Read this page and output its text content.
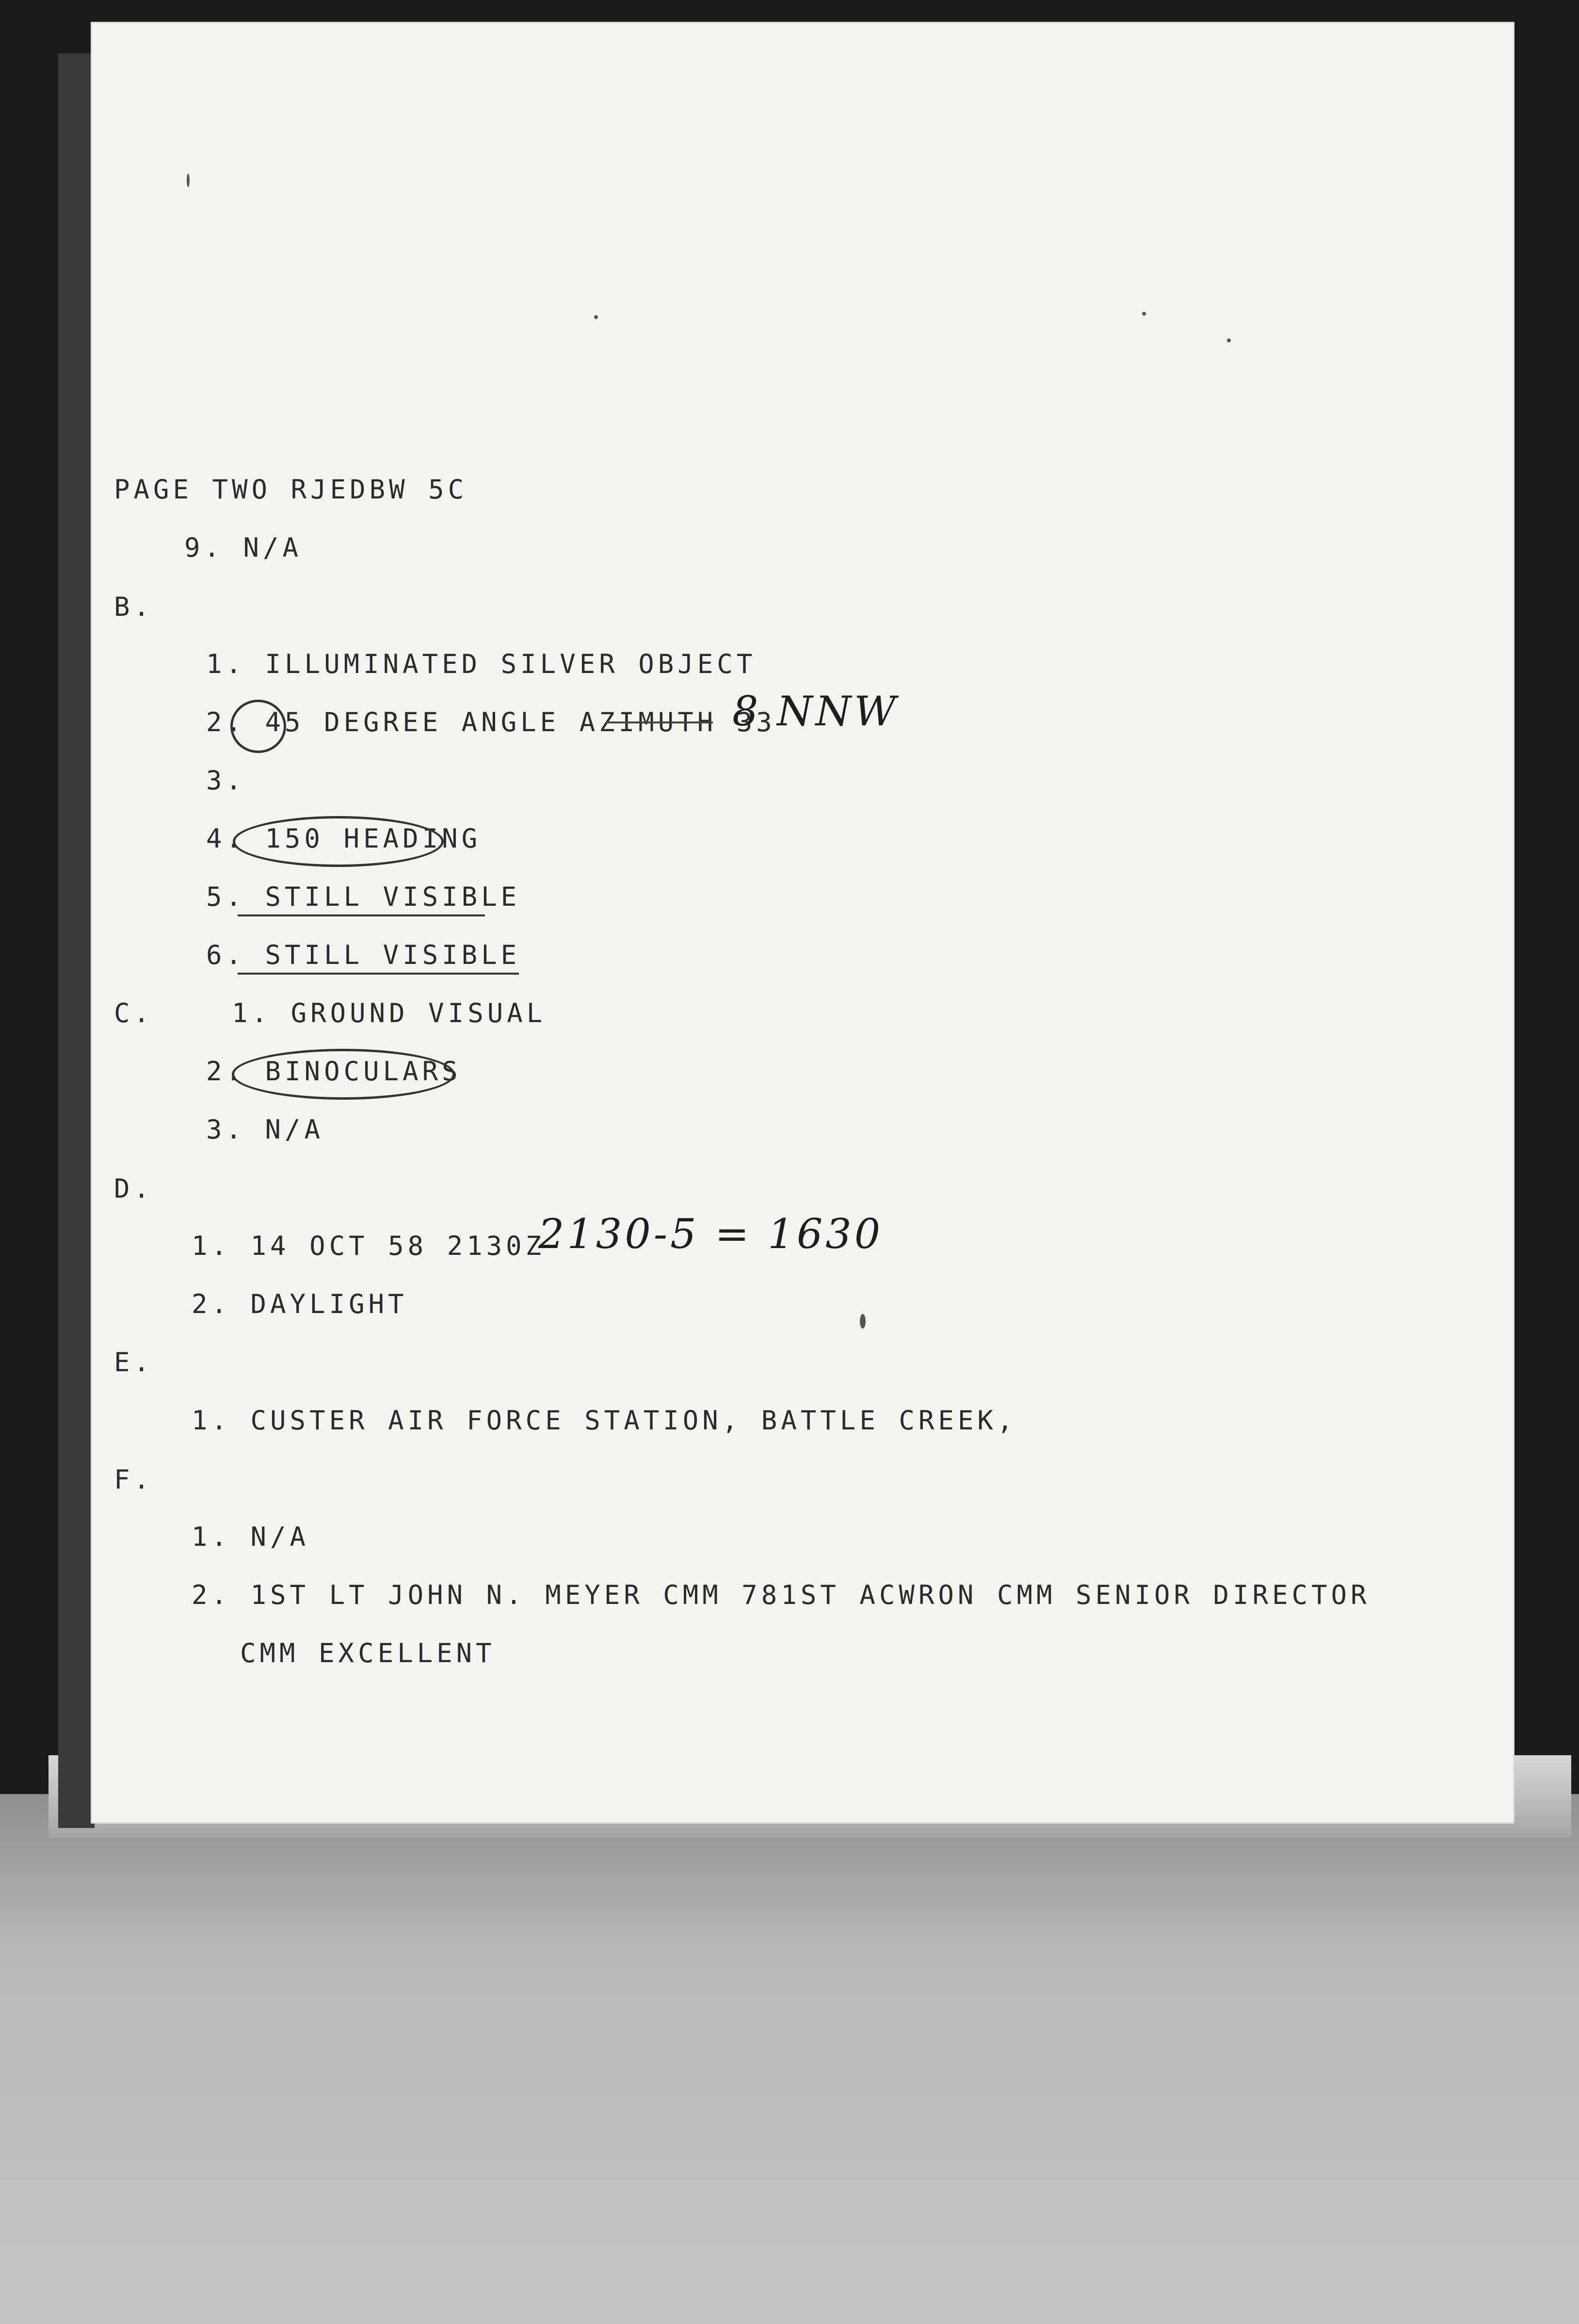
PAGE TWO RJEDBW 5C
9. N/A
B.
1. ILLUMINATED SILVER OBJECT
2. 45 DEGREE ANGLE AZIMUTH 33
3.
4. 150 HEADING
5. STILL VISIBLE
6. STILL VISIBLE
C.    1. GROUND VISUAL
2. BINOCULARS
3. N/A
D.
1. 14 OCT 58 2130Z
2. DAYLIGHT
E.
1. CUSTER AIR FORCE STATION, BATTLE CREEK,
F.
1. N/A
2. 1ST LT JOHN N. MEYER CMM 781ST ACWRON CMM SENIOR DIRECTOR
CMM EXCELLENT
8 NNW
2130-5 = 1630
